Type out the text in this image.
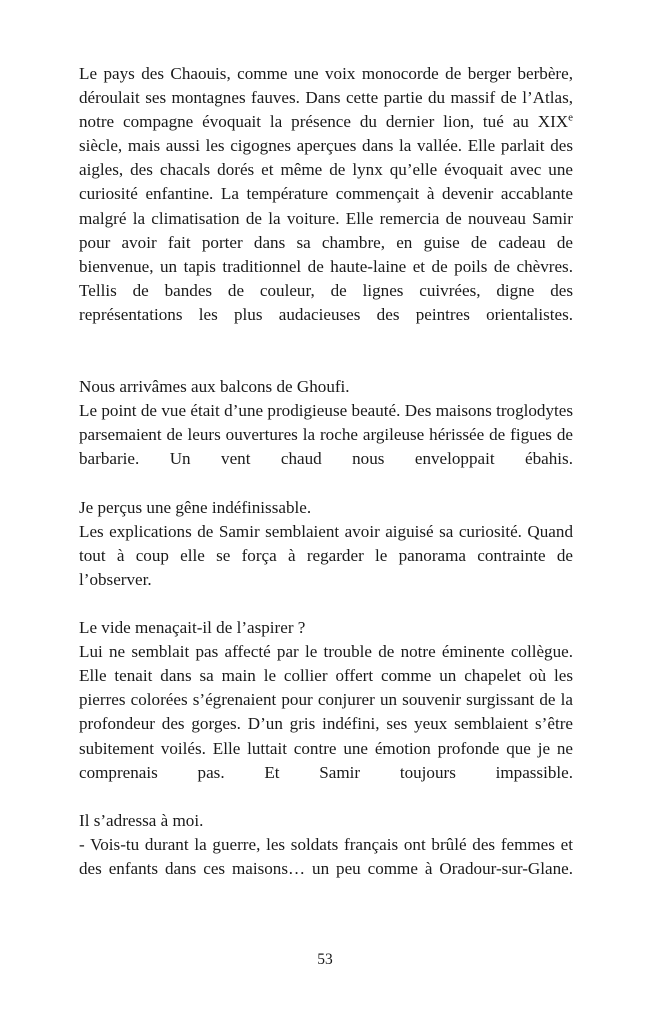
Le pays des Chaouis, comme une voix monocorde de berger berbère, déroulait ses montagnes fauves. Dans cette partie du massif de l’Atlas, notre compagne évoquait la présence du dernier lion, tué au XIXe siècle, mais aussi les cigognes aperçues dans la vallée. Elle parlait des aigles, des chacals dorés et même de lynx qu’elle évoquait avec une curiosité enfantine. La température commençait à devenir accablante malgré la climatisation de la voiture. Elle remercia de nouveau Samir pour avoir fait porter dans sa chambre, en guise de cadeau de bienvenue, un tapis traditionnel de haute-laine et de poils de chèvres. Tellis de bandes de couleur, de lignes cuivrées, digne des représentations les plus audacieuses des peintres orientalistes.

Nous arrivâmes aux balcons de Ghoufi.

Le point de vue était d’une prodigieuse beauté. Des maisons troglodytes parsemaient de leurs ouvertures la roche argileuse hérissée de figues de barbarie. Un vent chaud nous enveloppait ébahis.

Je perçus une gêne indéfinissable.

Les explications de Samir semblaient avoir aiguisé sa curiosité. Quand tout à coup elle se força à regarder le panorama contrainte de l’observer.

Le vide menaçait-il de l’aspirer ?

Lui ne semblait pas affecté par le trouble de notre éminente collègue. Elle tenait dans sa main le collier offert comme un chapelet où les pierres colorées s’égrenaient pour conjurer un souvenir surgissant de la profondeur des gorges. D’un gris indéfini, ses yeux semblaient s’être subitement voilés. Elle luttait contre une émotion profonde que je ne comprenais pas. Et Samir toujours impassible.

Il s’adressa à moi.

- Vois-tu durant la guerre, les soldats français ont brûlé des femmes et des enfants dans ces maisons… un peu comme à Oradour-sur-Glane.

53
